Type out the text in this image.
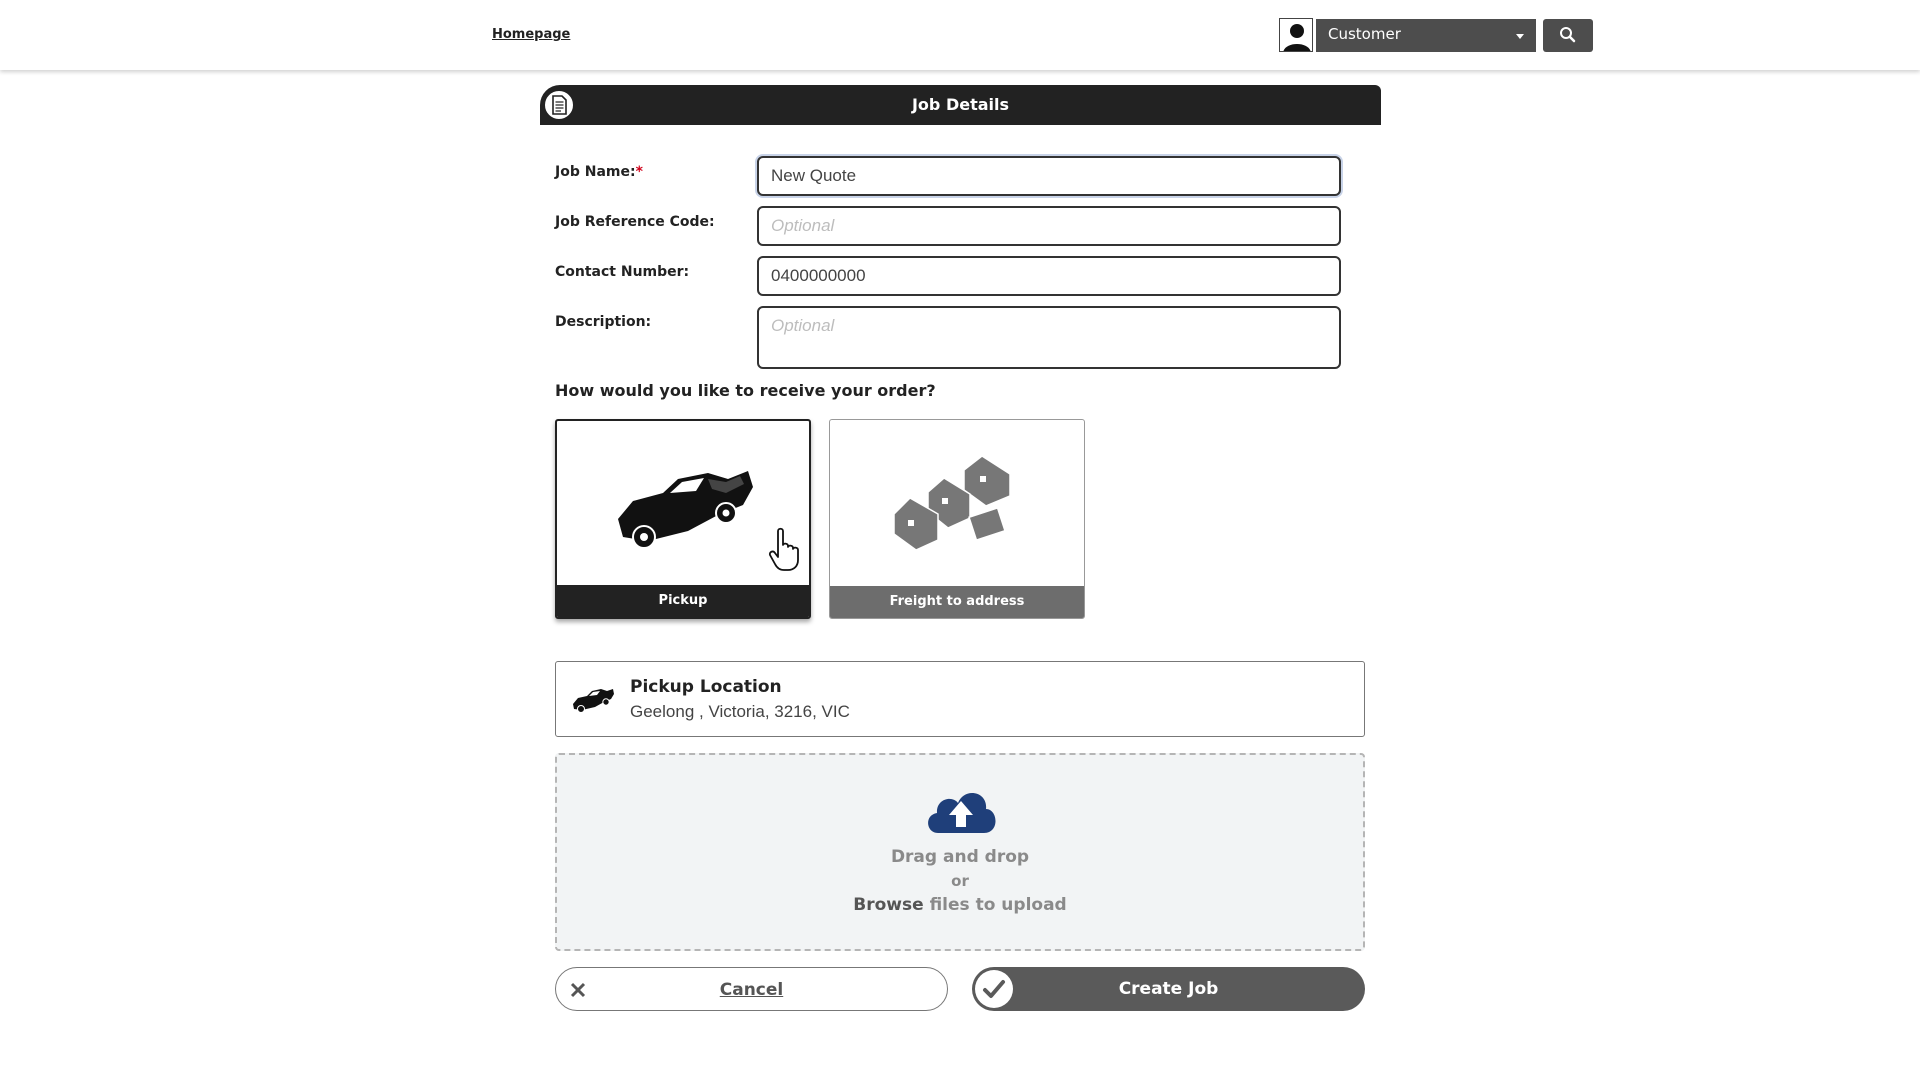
Homepage	Customer
Job Details
Job Name:*	New Quote
Job Reference Code:	Optional
Contact Number:	0400000000
Description:	Optional
How would you like to receive your order?
Pickup	Freight to address
Pickup Location
Geelong , Victoria, 3216, VIC
Drag and drop
or
Browse files to upload
Cancel	Create Job
